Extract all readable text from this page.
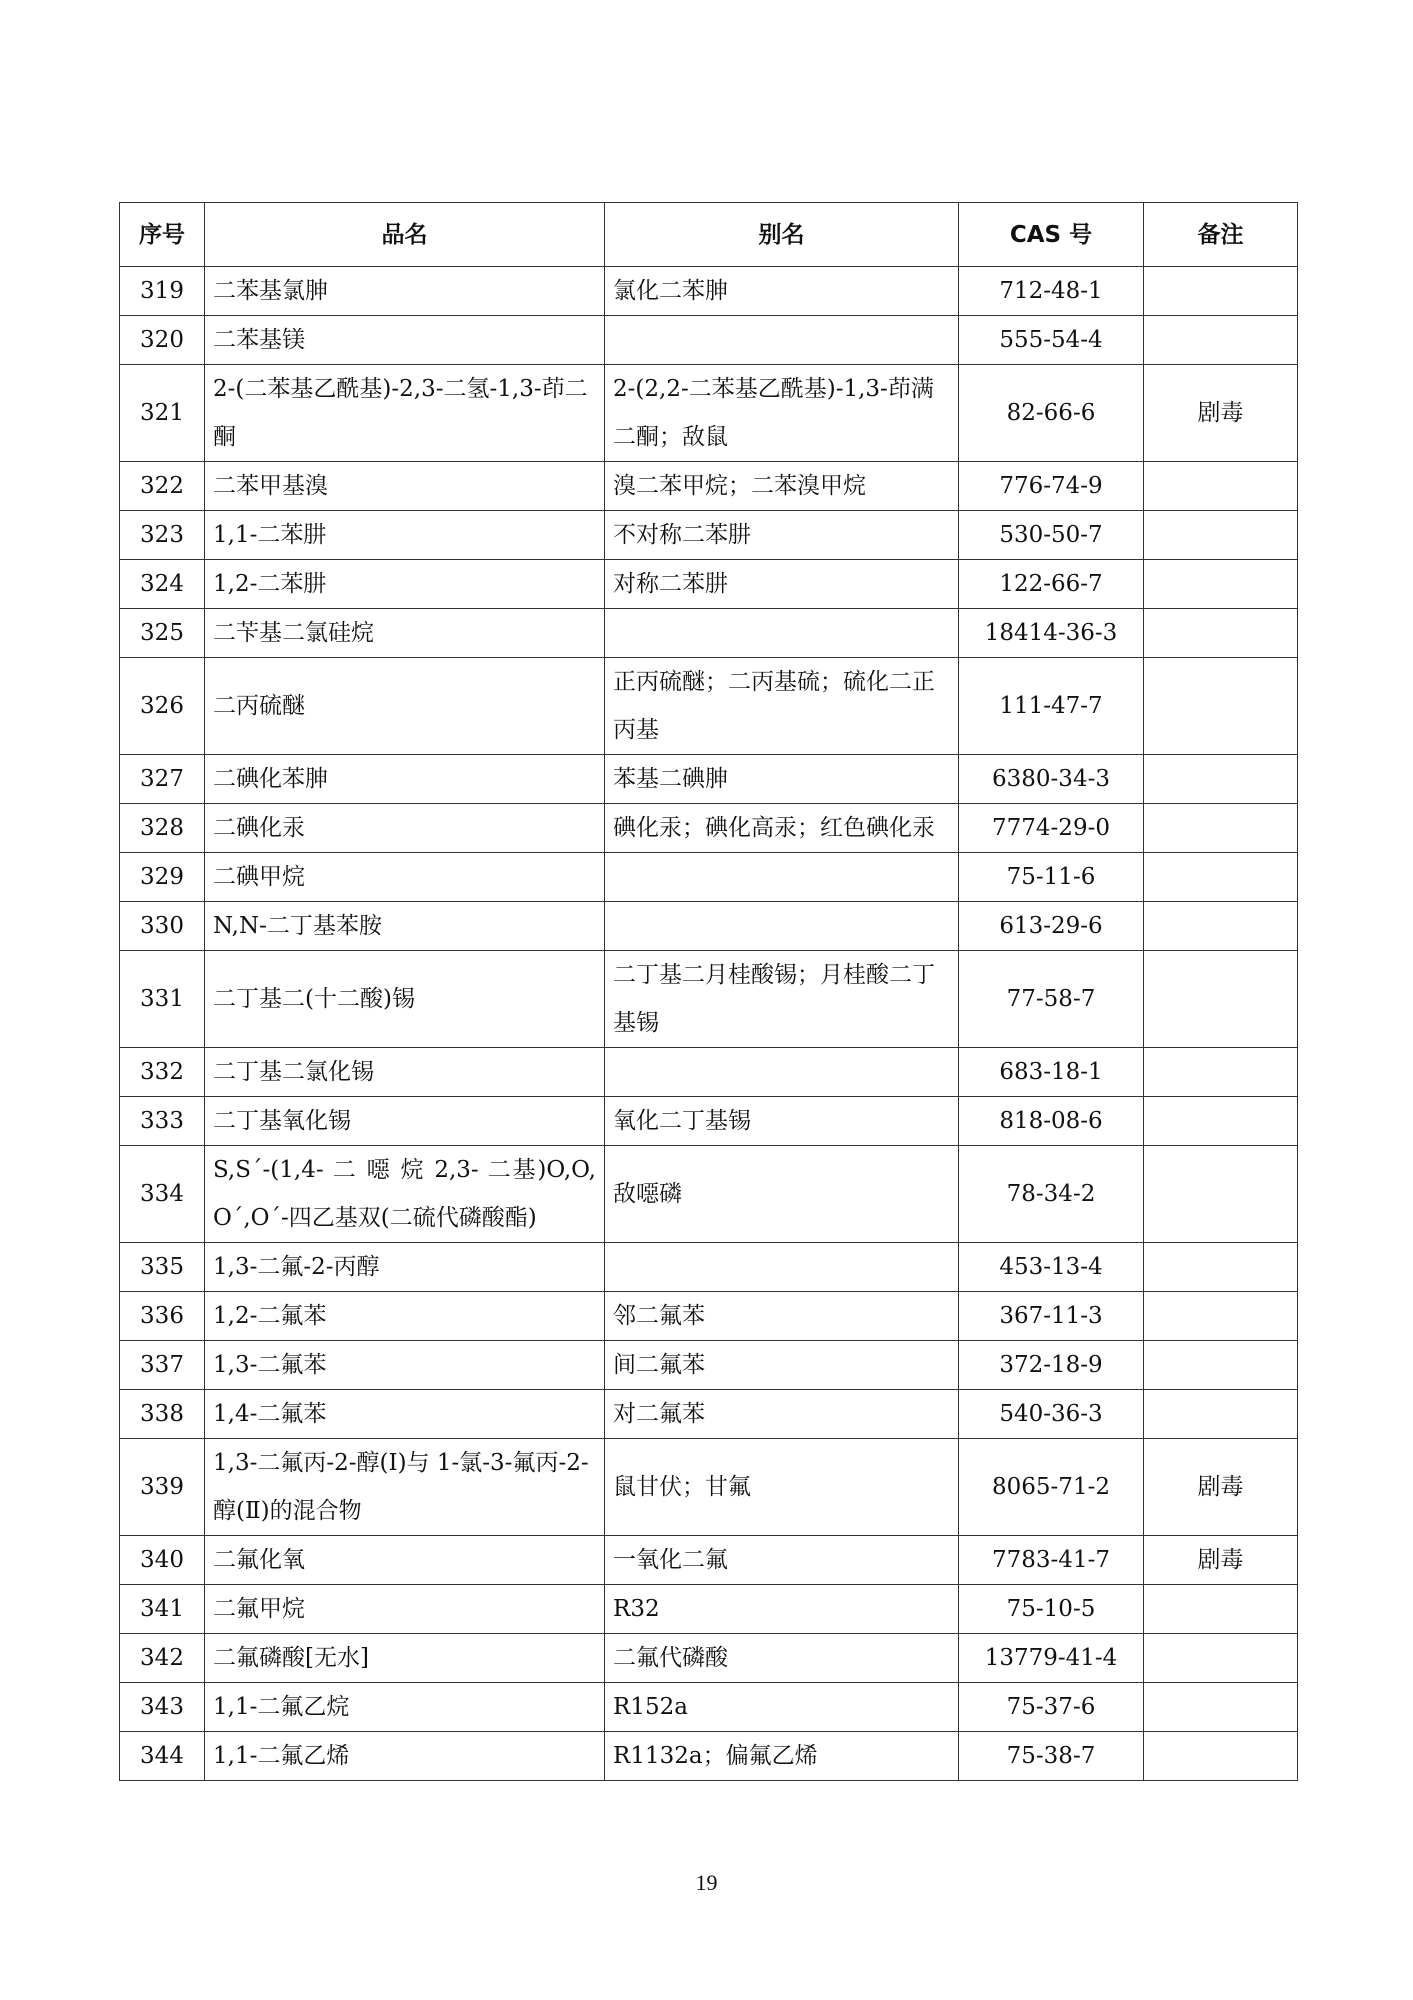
序号	品名	别名	CAS 号	备注
319	二苯基氯胂	氯化二苯胂	712-48-1	
320	二苯基镁		555-54-4	
321	2-(二苯基乙酰基)-2,3-二氢-1,3-茚二酮	2-(2,2-二苯基乙酰基)-1,3-茚满二酮；敌鼠	82-66-6	剧毒
322	二苯甲基溴	溴二苯甲烷；二苯溴甲烷	776-74-9	
323	1,1-二苯肼	不对称二苯肼	530-50-7	
324	1,2-二苯肼	对称二苯肼	122-66-7	
325	二苄基二氯硅烷		18414-36-3	
326	二丙硫醚	正丙硫醚；二丙基硫；硫化二正丙基	111-47-7	
327	二碘化苯胂	苯基二碘胂	6380-34-3	
328	二碘化汞	碘化汞；碘化高汞；红色碘化汞	7774-29-0	
329	二碘甲烷		75-11-6	
330	N,N-二丁基苯胺		613-29-6	
331	二丁基二(十二酸)锡	二丁基二月桂酸锡；月桂酸二丁基锡	77-58-7	
332	二丁基二氯化锡		683-18-1	
333	二丁基氧化锡	氧化二丁基锡	818-08-6	
334	S,S´-(1,4- 二 噁 烷 2,3- 二基)O,O,O´,O´-四乙基双(二硫代磷酸酯)	敌噁磷	78-34-2	
335	1,3-二氟-2-丙醇		453-13-4	
336	1,2-二氟苯	邻二氟苯	367-11-3	
337	1,3-二氟苯	间二氟苯	372-18-9	
338	1,4-二氟苯	对二氟苯	540-36-3	
339	1,3-二氟丙-2-醇(Ⅰ)与 1-氯-3-氟丙-2-醇(Ⅱ)的混合物	鼠甘伏；甘氟	8065-71-2	剧毒
340	二氟化氧	一氧化二氟	7783-41-7	剧毒
341	二氟甲烷	R32	75-10-5	
342	二氟磷酸[无水]	二氟代磷酸	13779-41-4	
343	1,1-二氟乙烷	R152a	75-37-6	
344	1,1-二氟乙烯	R1132a；偏氟乙烯	75-38-7	
19
